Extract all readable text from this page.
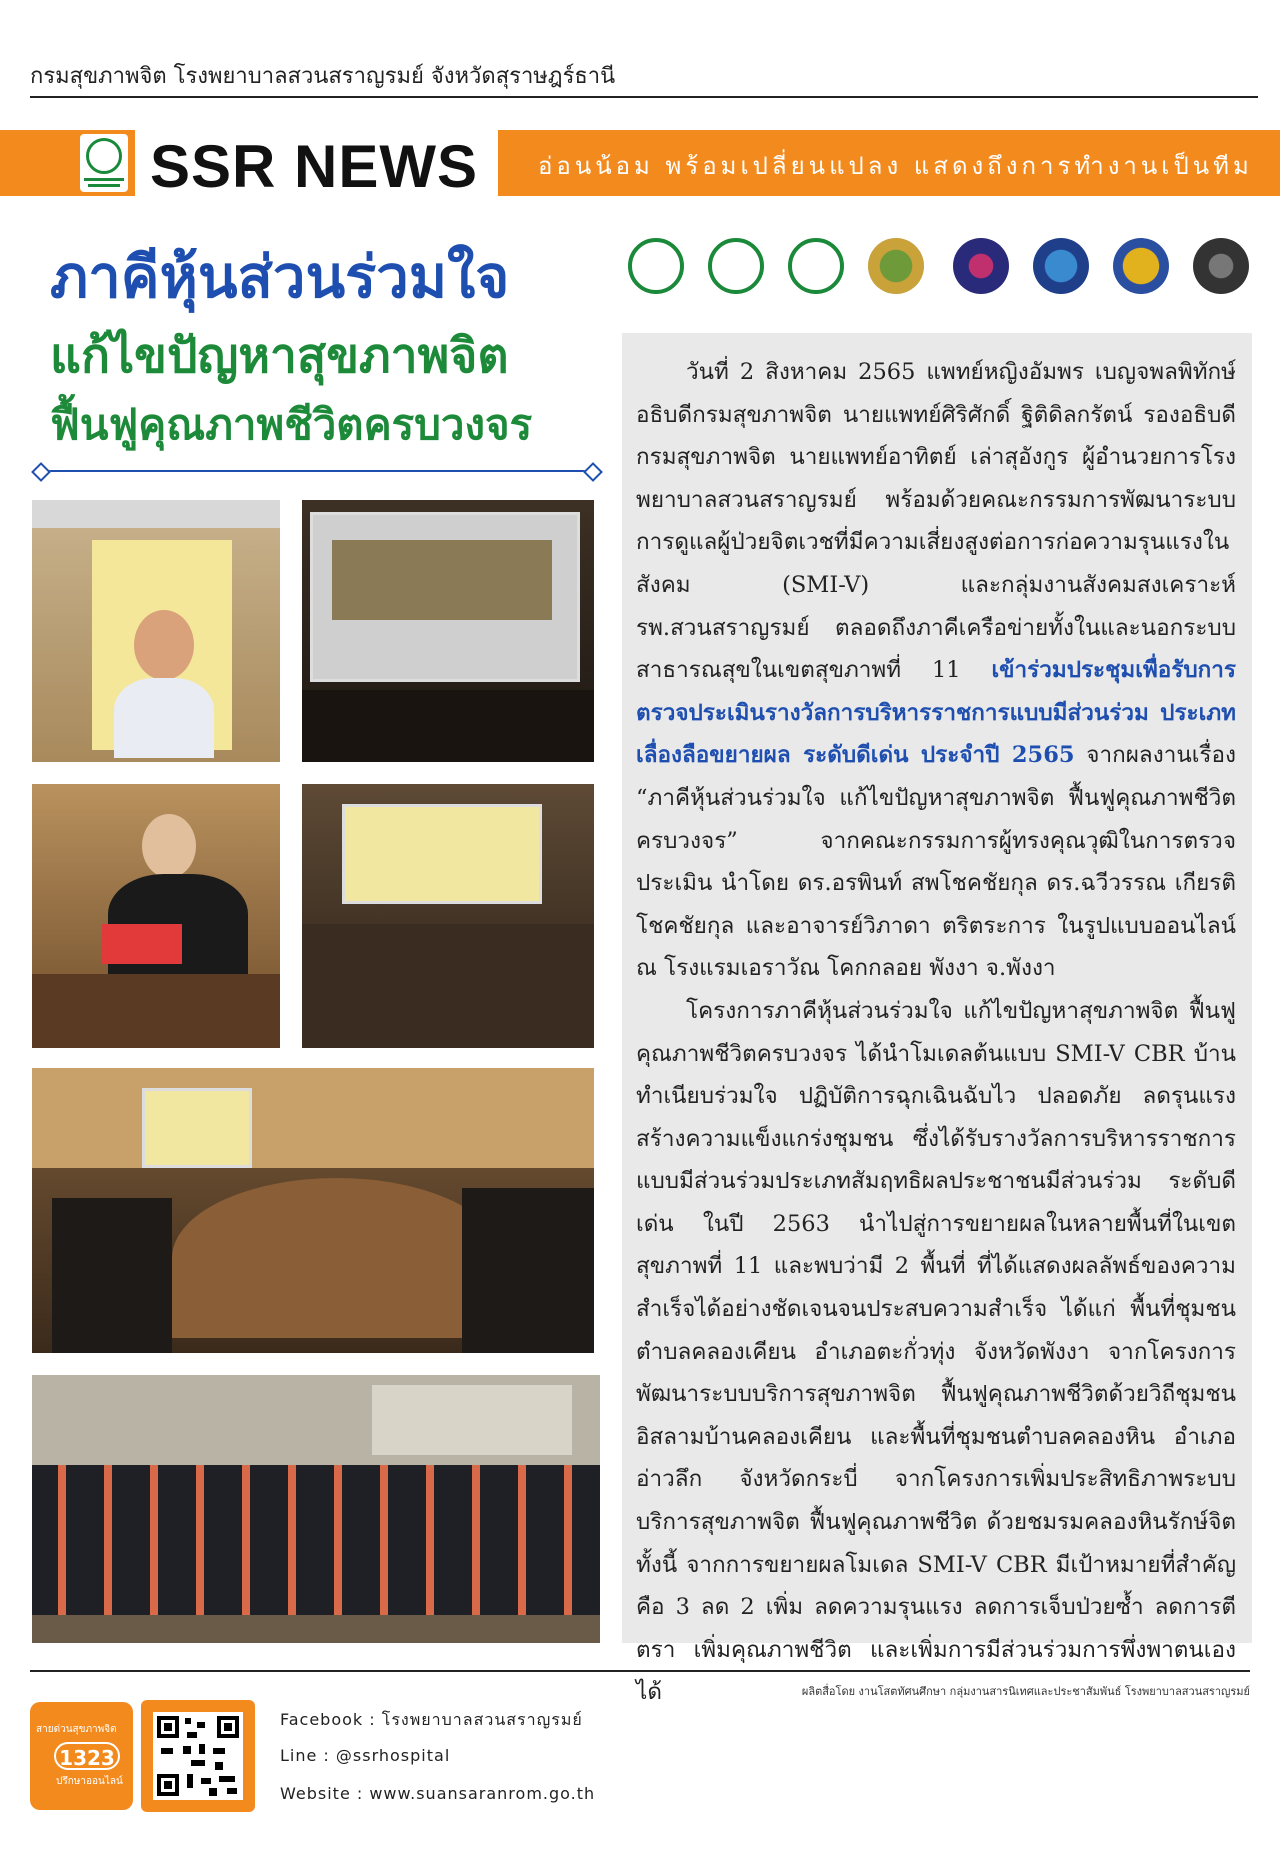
กรมสุขภาพจิต โรงพยาบาลสวนสราญรมย์ จังหวัดสุราษฎร์ธานี
SSR NEWS อ่อนน้อม พร้อมเปลี่ยนแปลง แสดงถึงการทำงานเป็นทีม
ภาคีหุ้นส่วนร่วมใจ
แก้ไขปัญหาสุขภาพจิต
ฟื้นฟูคุณภาพชีวิตครบวงจร

วันที่ 2 สิงหาคม 2565 แพทย์หญิงอัมพร เบญจพลพิทักษ์ อธิบดีกรมสุขภาพจิต นายแพทย์ศิริศักดิ์ ฐิติดิลกรัตน์ รองอธิบดีกรมสุขภาพจิต นายแพทย์อาทิตย์ เล่าสุอังกูร ผู้อำนวยการโรงพยาบาลสวนสราญรมย์ พร้อมด้วยคณะกรรมการพัฒนาระบบการดูแลผู้ป่วยจิตเวชที่มีความเสี่ยงสูงต่อการก่อความรุนแรงในสังคม (SMI-V) และกลุ่มงานสังคมสงเคราะห์ รพ.สวนสราญรมย์ ตลอดถึงภาคีเครือข่ายทั้งในและนอกระบบสาธารณสุขในเขตสุขภาพที่ 11 เข้าร่วมประชุมเพื่อรับการตรวจประเมินรางวัลการบริหารราชการแบบมีส่วนร่วม ประเภทเลื่องลือขยายผล ระดับดีเด่น ประจำปี 2565 จากผลงานเรื่อง “ภาคีหุ้นส่วนร่วมใจ แก้ไขปัญหาสุขภาพจิต ฟื้นฟูคุณภาพชีวิตครบวงจร” จากคณะกรรมการผู้ทรงคุณวุฒิในการตรวจประเมิน นำโดย ดร.อรพินท์ สพโชคชัยกุล ดร.ฉวีวรรณ เกียรติโชคชัยกุล และอาจารย์วิภาดา ตริตระการ ในรูปแบบออนไลน์ ณ โรงแรมเอราวัณ โคกกลอย พังงา จ.พังงา

โครงการภาคีหุ้นส่วนร่วมใจ แก้ไขปัญหาสุขภาพจิต ฟื้นฟูคุณภาพชีวิตครบวงจร ได้นำโมเดลต้นแบบ SMI-V CBR บ้านทำเนียบร่วมใจ ปฏิบัติการฉุกเฉินฉับไว ปลอดภัย ลดรุนแรง สร้างความแข็งแกร่งชุมชน ซึ่งได้รับรางวัลการบริหารราชการแบบมีส่วนร่วมประเภทสัมฤทธิผลประชาชนมีส่วนร่วม ระดับดีเด่น ในปี 2563 นำไปสู่การขยายผลในหลายพื้นที่ในเขตสุขภาพที่ 11 และพบว่ามี 2 พื้นที่ ที่ได้แสดงผลลัพธ์ของความสำเร็จได้อย่างชัดเจนจนประสบความสำเร็จ ได้แก่ พื้นที่ชุมชนตำบลคลองเคียน อำเภอตะกั่วทุ่ง จังหวัดพังงา จากโครงการพัฒนาระบบบริการสุขภาพจิต ฟื้นฟูคุณภาพชีวิตด้วยวิถีชุมชนอิสลามบ้านคลองเคียน และพื้นที่ชุมชนตำบลคลองหิน อำเภออ่าวลึก จังหวัดกระบี่ จากโครงการเพิ่มประสิทธิภาพระบบบริการสุขภาพจิต ฟื้นฟูคุณภาพชีวิต ด้วยชมรมคลองหินรักษ์จิต ทั้งนี้ จากการขยายผลโมเดล SMI-V CBR มีเป้าหมายที่สำคัญ คือ 3 ลด 2 เพิ่ม ลดความรุนแรง ลดการเจ็บป่วยซ้ำ ลดการตีตรา เพิ่มคุณภาพชีวิต และเพิ่มการมีส่วนร่วมการพึ่งพาตนเองได้	ผลิตสื่อโดย งานโสตทัศนศึกษา กลุ่มงานสารนิเทศและประชาสัมพันธ์ โรงพยาบาลสวนสราญรมย์
สายด่วนสุขภาพจิต
1323
ปรึกษาออนไลน์
Facebook : โรงพยาบาลสวนสราญรมย์
Line : @ssrhospital
Website : www.suansaranrom.go.th
